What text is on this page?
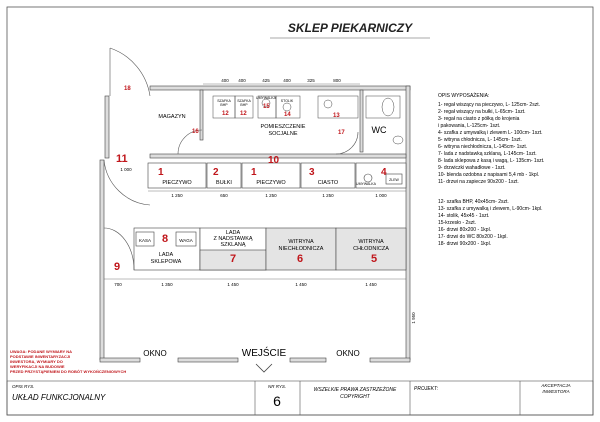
SKLEP PIEKARNICZY
MAGAZYN
POMIESZCZENIE
SOCJALNE	WC
SZAFKA
BHP
SZAFKA
BHP
STOLIK
UMYWALKA
400 400	425	400	325	800
PIECZYWO	BUŁKI	PIECZYWO	CIASTO	UMYWALKA
ZLEW
1 250	650	1 250	1 250	1 000
1 000
KASA	WAGA
LADA
SKLEPOWA
LADA
Z NADSTAWKĄ
SZKLANĄ	WITRYNA
NIECHŁODNICZA
WITRYNA
CHŁODNICZA
700	1 350	1 450	1 450	1 450
1 950
1	2	1	3	4
5
6
7
8
9
10
11
12 12	13
14
15
16	17
18
OKNO	OKNO
WEJŚCIE
UWAGA: PODANE WYMIARY NA
PODSTAWIE INWENTARYZACJI
INWESTORA, WYMIARY DO
WERYFIKACJI NA BUDOWIE
PRZED PRZYSTĄPIENIEM DO ROBÓT WYKOŃCZENIOWYCH
OPIS WYPOSAŻENIA:
1- regał wiszący na pieczywo, L- 125cm- 2szt.
2- regał wiszący na bułki, L-65cm- 1szt.
3- regał na ciasto z półką do krojenia
i pakowania, L-125cm- 1szt.
4- szafka z umywalką i zlewem L- 100cm- 1szt.
5- witryna chłodnicza, L- 145cm- 1szt.
6- witryna niechłodnicza, L-145cm- 1szt.
7- lada z nadstawką szklaną, L-145cm- 1szt.
8- lada sklepowa z kasą i wagą, L- 135cm- 1szt.
9- drzwiczki wahadłowe - 1szt.
10- blenda ozdobna z napisami 5,4 mb - 1kpl.
11- drzwi na zapiecze 90x200 - 1szt.
12- szafka BHP, 40x45cm- 2szt.
13- szafka z umywalką i zlewem, L-90cm- 1kpl.
14- stolik, 45x45 - 1szt.
15-krzesło - 2szt.
16- drzwi 80x200 - 1kpl.
17- drzwi do WC 80x200 - 1kpl.
18- drzwi 90x200 - 1kpl.
OPIS RYS.
UKŁAD FUNKCJONALNY
NR RYS.
6
WSZELKIE PRAWA ZASTRZEŻONE
COPYRIGHT
PROJEKT:
AKCEPTACJA
INWESTORA
